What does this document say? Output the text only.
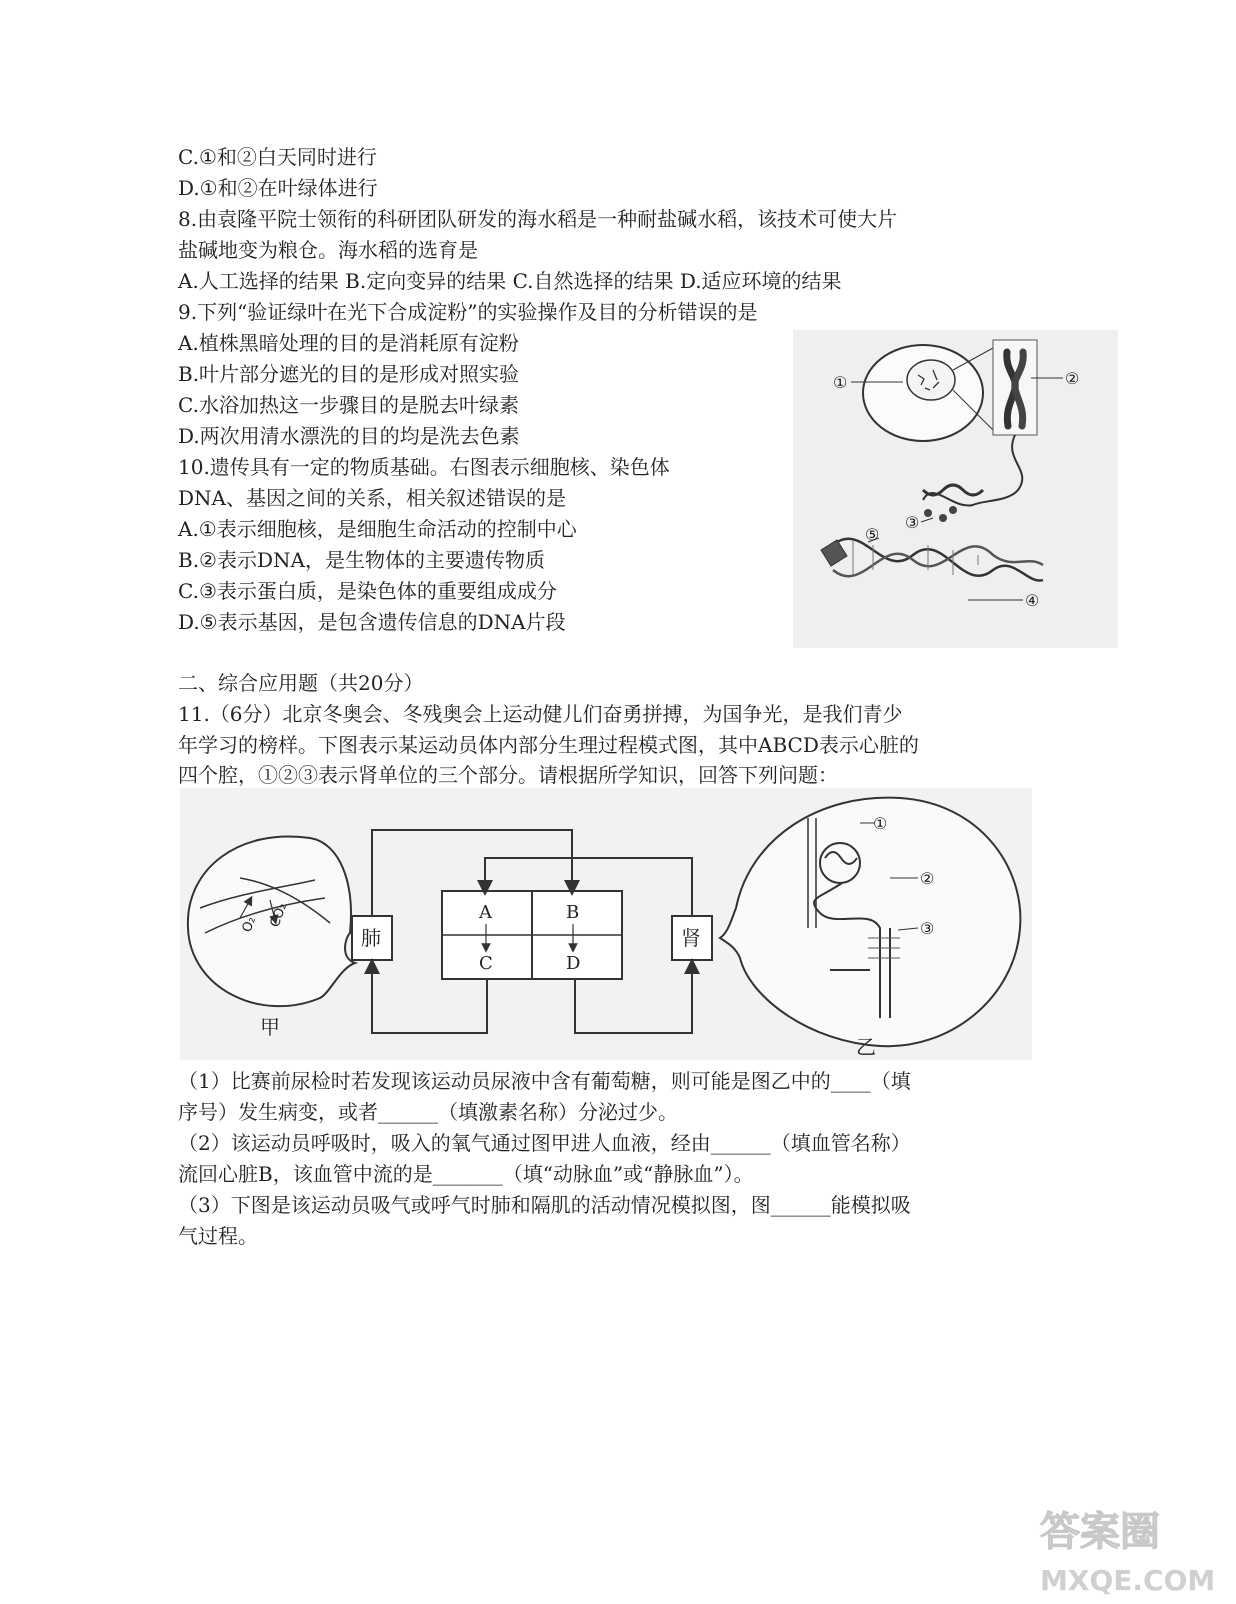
C.①和②白天同时进行
D.①和②在叶绿体进行
8.由袁隆平院士领衔的科研团队研发的海水稻是一种耐盐碱水稻，该技术可使大片
盐碱地变为粮仓。海水稻的选育是
A.人工选择的结果 B.定向变异的结果 C.自然选择的结果 D.适应环境的结果
9.下列“验证绿叶在光下合成淀粉”的实验操作及目的分析错误的是
A.植株黑暗处理的目的是消耗原有淀粉
B.叶片部分遮光的目的是形成对照实验
C.水浴加热这一步骤目的是脱去叶绿素
D.两次用清水漂洗的目的均是洗去色素
10.遗传具有一定的物质基础。右图表示细胞核、染色体
DNA、基因之间的关系，相关叙述错误的是
A.①表示细胞核，是细胞生命活动的控制中心
B.②表示DNA，是生物体的主要遗传物质
C.③表示蛋白质，是染色体的重要组成成分
D.⑤表示基因，是包含遗传信息的DNA片段
①	②
③
④
⑤
二、综合应用题（共20分）
11.（6分）北京冬奥会、冬残奥会上运动健儿们奋勇拼搏，为国争光，是我们青少
年学习的榜样。下图表示某运动员体内部分生理过程模式图，其中ABCD表示心脏的
四个腔，①②③表示肾单位的三个部分。请根据所学知识，回答下列问题：
O₂ CO₂
甲
肺
A	B
C	D
肾
①
②
③
乙
（1）比赛前尿检时若发现该运动员尿液中含有葡萄糖，则可能是图乙中的____（填
序号）发生病变，或者______（填激素名称）分泌过少。
（2）该运动员呼吸时，吸入的氧气通过图甲进人血液，经由______（填血管名称）
流回心脏B，该血管中流的是_______（填“动脉血”或“静脉血”）。
（3）下图是该运动员吸气或呼气时肺和隔肌的活动情况模拟图，图______能模拟吸
气过程。
答案圈
MXQE.COM
